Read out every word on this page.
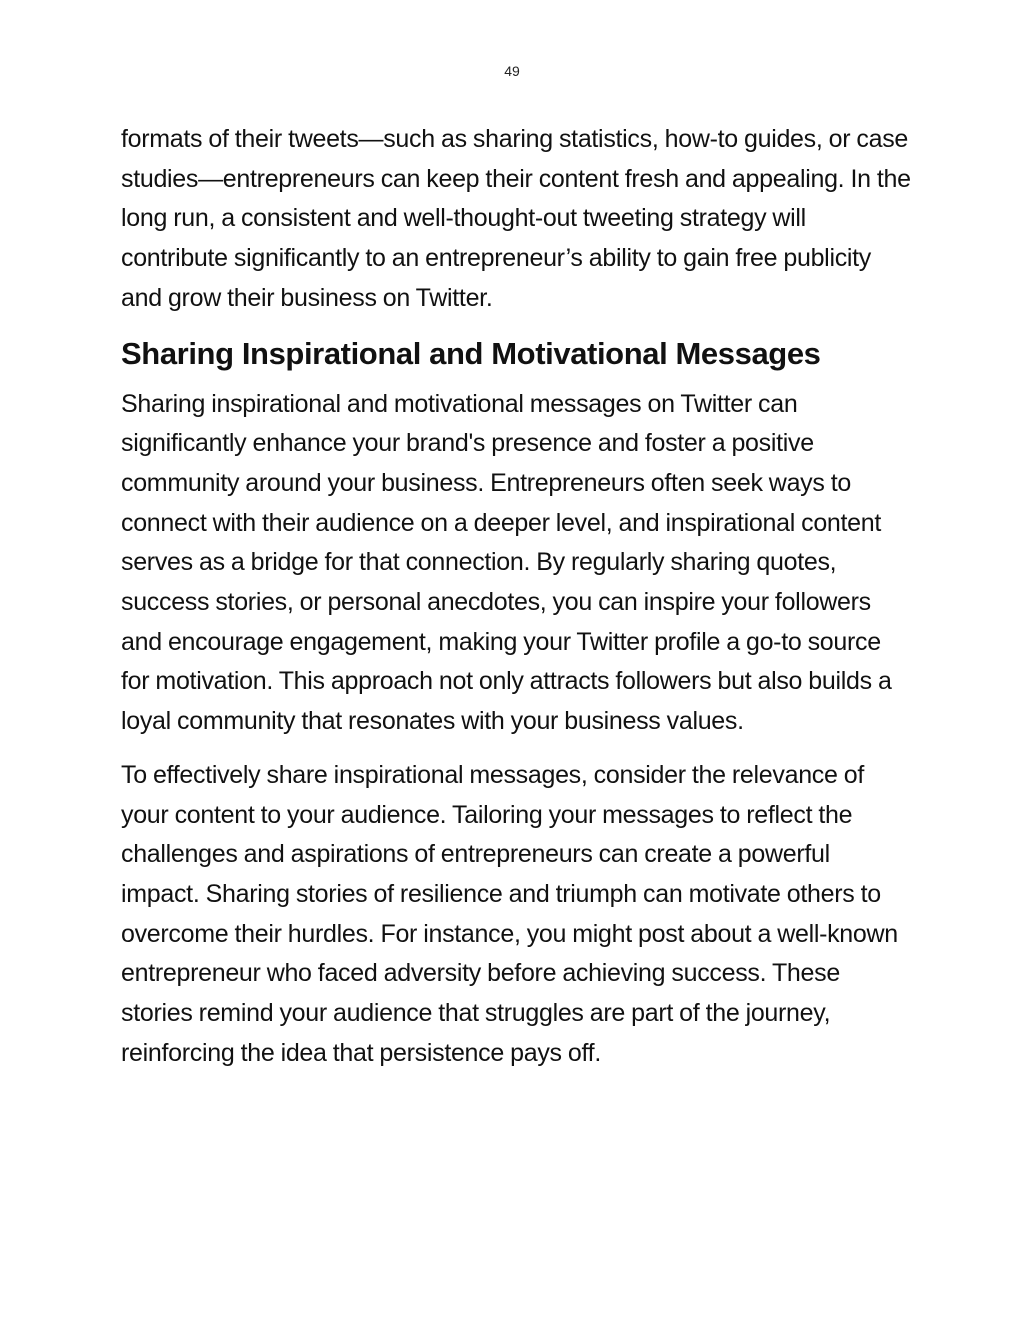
49

formats of their tweets—such as sharing statistics, how-to guides, or case studies—entrepreneurs can keep their content fresh and appealing. In the long run, a consistent and well-thought-out tweeting strategy will contribute significantly to an entrepreneur’s ability to gain free publicity and grow their business on Twitter.

Sharing Inspirational and Motivational Messages

Sharing inspirational and motivational messages on Twitter can significantly enhance your brand's presence and foster a positive community around your business. Entrepreneurs often seek ways to connect with their audience on a deeper level, and inspirational content serves as a bridge for that connection. By regularly sharing quotes, success stories, or personal anecdotes, you can inspire your followers and encourage engagement, making your Twitter profile a go-to source for motivation. This approach not only attracts followers but also builds a loyal community that resonates with your business values.

To effectively share inspirational messages, consider the relevance of your content to your audience. Tailoring your messages to reflect the challenges and aspirations of entrepreneurs can create a powerful impact. Sharing stories of resilience and triumph can motivate others to overcome their hurdles. For instance, you might post about a well-known entrepreneur who faced adversity before achieving success. These stories remind your audience that struggles are part of the journey, reinforcing the idea that persistence pays off.
